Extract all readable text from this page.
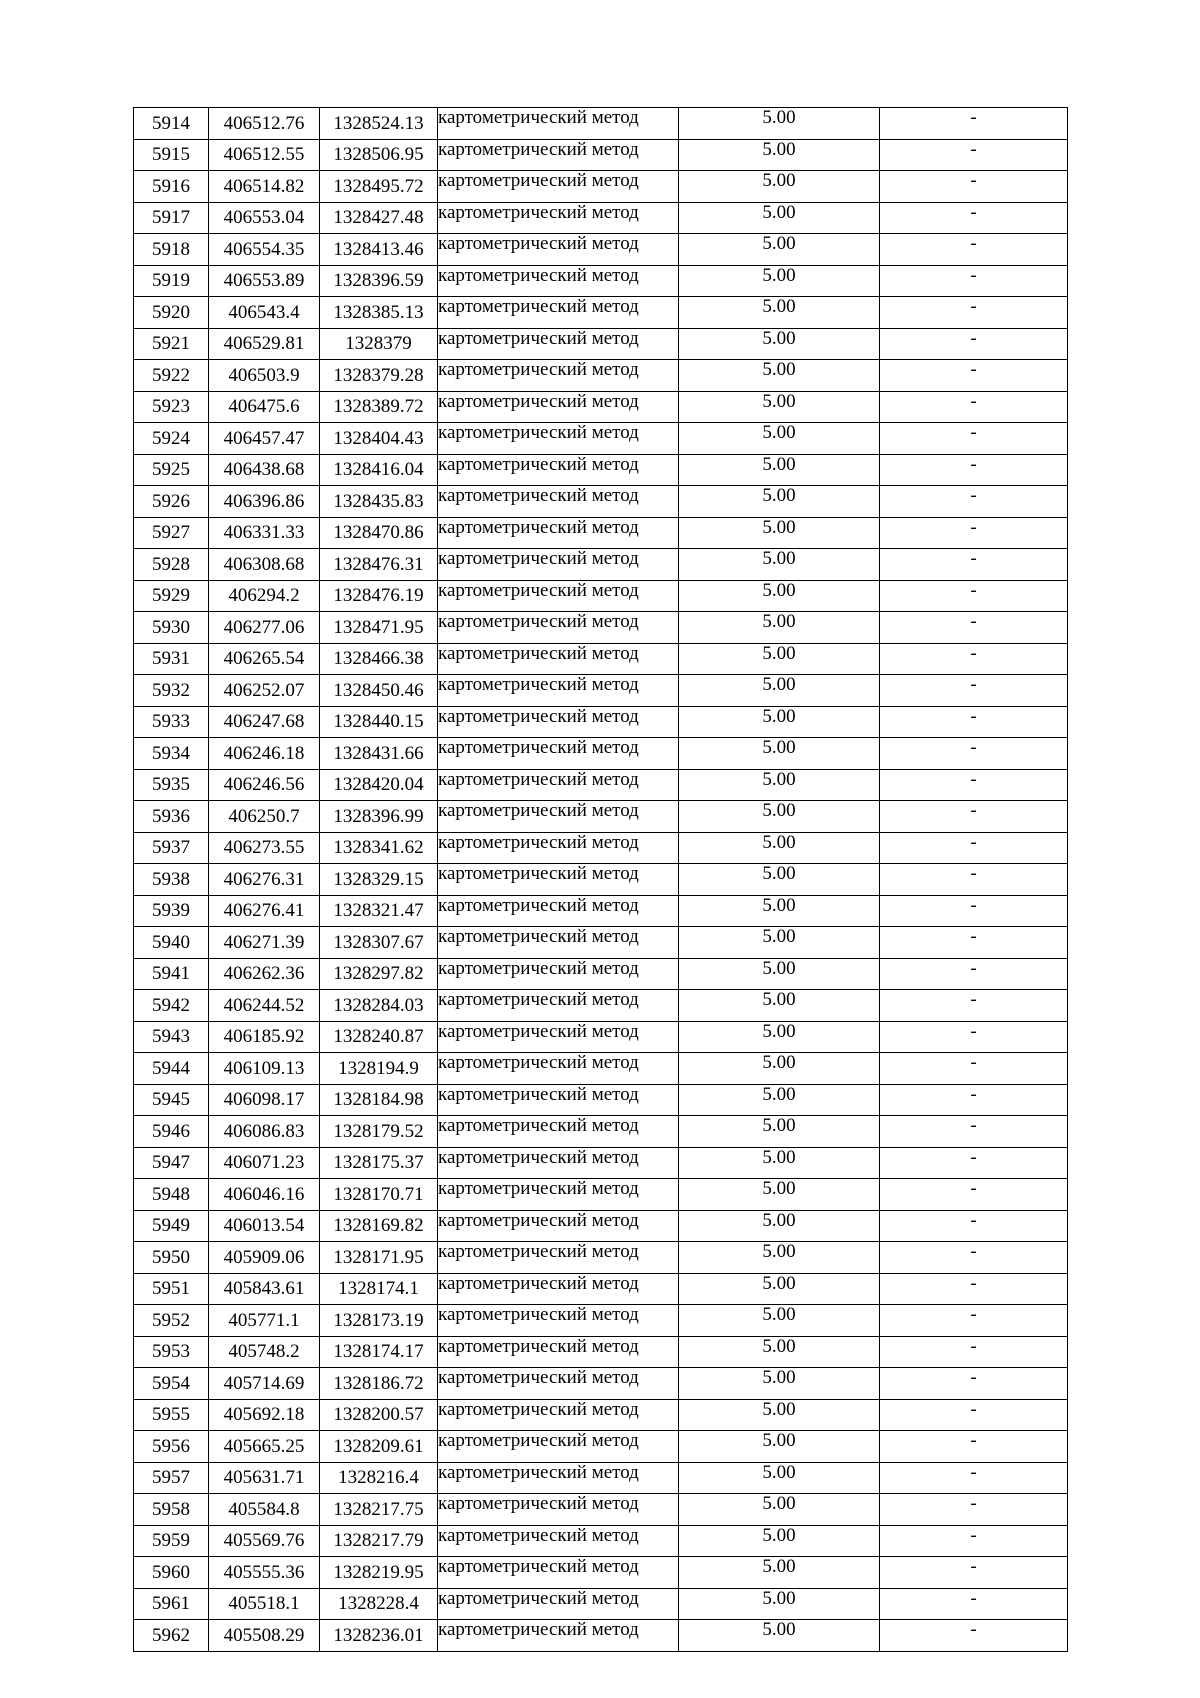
5914	406512.76	1328524.13	картометрический метод	5.00	-
5915	406512.55	1328506.95	картометрический метод	5.00	-
5916	406514.82	1328495.72	картометрический метод	5.00	-
5917	406553.04	1328427.48	картометрический метод	5.00	-
5918	406554.35	1328413.46	картометрический метод	5.00	-
5919	406553.89	1328396.59	картометрический метод	5.00	-
5920	406543.4	1328385.13	картометрический метод	5.00	-
5921	406529.81	1328379	картометрический метод	5.00	-
5922	406503.9	1328379.28	картометрический метод	5.00	-
5923	406475.6	1328389.72	картометрический метод	5.00	-
5924	406457.47	1328404.43	картометрический метод	5.00	-
5925	406438.68	1328416.04	картометрический метод	5.00	-
5926	406396.86	1328435.83	картометрический метод	5.00	-
5927	406331.33	1328470.86	картометрический метод	5.00	-
5928	406308.68	1328476.31	картометрический метод	5.00	-
5929	406294.2	1328476.19	картометрический метод	5.00	-
5930	406277.06	1328471.95	картометрический метод	5.00	-
5931	406265.54	1328466.38	картометрический метод	5.00	-
5932	406252.07	1328450.46	картометрический метод	5.00	-
5933	406247.68	1328440.15	картометрический метод	5.00	-
5934	406246.18	1328431.66	картометрический метод	5.00	-
5935	406246.56	1328420.04	картометрический метод	5.00	-
5936	406250.7	1328396.99	картометрический метод	5.00	-
5937	406273.55	1328341.62	картометрический метод	5.00	-
5938	406276.31	1328329.15	картометрический метод	5.00	-
5939	406276.41	1328321.47	картометрический метод	5.00	-
5940	406271.39	1328307.67	картометрический метод	5.00	-
5941	406262.36	1328297.82	картометрический метод	5.00	-
5942	406244.52	1328284.03	картометрический метод	5.00	-
5943	406185.92	1328240.87	картометрический метод	5.00	-
5944	406109.13	1328194.9	картометрический метод	5.00	-
5945	406098.17	1328184.98	картометрический метод	5.00	-
5946	406086.83	1328179.52	картометрический метод	5.00	-
5947	406071.23	1328175.37	картометрический метод	5.00	-
5948	406046.16	1328170.71	картометрический метод	5.00	-
5949	406013.54	1328169.82	картометрический метод	5.00	-
5950	405909.06	1328171.95	картометрический метод	5.00	-
5951	405843.61	1328174.1	картометрический метод	5.00	-
5952	405771.1	1328173.19	картометрический метод	5.00	-
5953	405748.2	1328174.17	картометрический метод	5.00	-
5954	405714.69	1328186.72	картометрический метод	5.00	-
5955	405692.18	1328200.57	картометрический метод	5.00	-
5956	405665.25	1328209.61	картометрический метод	5.00	-
5957	405631.71	1328216.4	картометрический метод	5.00	-
5958	405584.8	1328217.75	картометрический метод	5.00	-
5959	405569.76	1328217.79	картометрический метод	5.00	-
5960	405555.36	1328219.95	картометрический метод	5.00	-
5961	405518.1	1328228.4	картометрический метод	5.00	-
5962	405508.29	1328236.01	картометрический метод	5.00	-
